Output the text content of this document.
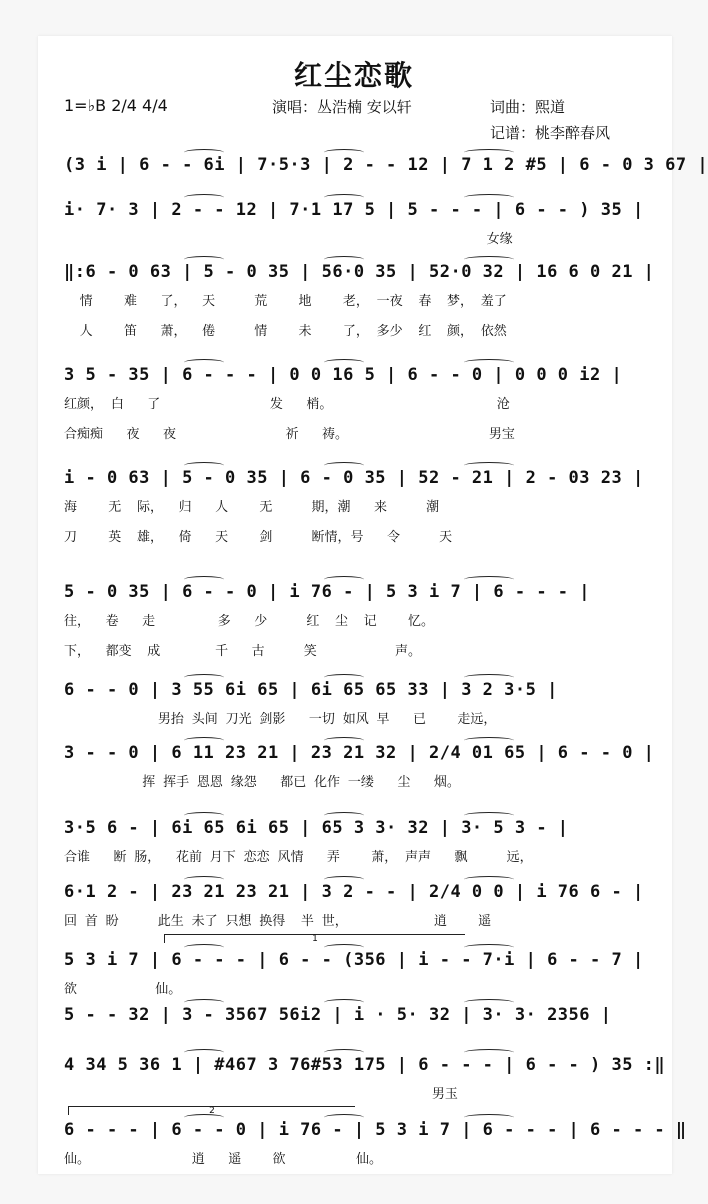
红尘恋歌
1=♭B 2/4 4/4	演唱：丛浩楠 安以轩	词曲：熙道
记谱：桃李醉春风
(3 i | 6 - - 6i | 7·5·3 | 2 - - 12 | 7 1 2 #5 | 6 - 0 3 67 |
i· 7· 3 | 2 - - 12 | 7·1 17 5 | 5 - - - | 6 - - ) 35 |
女缘
‖:6 - 0 63 | 5 - 0 35 | 56·0 35 | 52·0 32 | 16 6 0 21 |
情    难   了，  天     荒    地    老， 一夜  春  梦， 羞了
人    笛   萧，  倦     情    未    了， 多少  红  颜， 依然
3 5 - 35 | 6 - - - | 0 0 16 5 | 6 - - 0 | 0 0 0 i2 |
红颜， 白   了              发   梢。                     沧
合痴痴   夜   夜              祈   祷。                  男宝
i - 0 63 | 5 - 0 35 | 6 - 0 35 | 52 - 21 | 2 - 03 23 |
海    无  际，  归   人    无     期，潮   来     潮
刀    英  雄，  倚   天    剑     断情，号   令     天
5 - 0 35 | 6 - - 0 | i 76 - | 5 3 i 7 | 6 - - - |
往，  卷   走        多   少     红  尘  记    忆。
下，  都变  成       千   古     笑          声。
6 - - 0 | 3 55 6i 65 | 6i 65 65 33 | 3 2 3·5 |
男抬 头间 刀光 剑影   一切 如风 早   已    走远，
3 - - 0 | 6 11 23 21 | 23 21 32 | 2/4 01 65 | 6 - - 0 |
挥 挥手 恩恩 缘怨   都已 化作 一缕   尘   烟。
3·5 6 - | 6i 65 6i 65 | 65 3 3· 32 | 3· 5 3 - |
合谁   断 肠，  花前 月下 恋恋 风情   弄    萧， 声声   飘     远，
6·1 2 - | 23 21 23 21 | 3 2 - - | 2/4 0 0 | i 76 6 - |
回 首 盼     此生 未了 只想 换得  半 世，           逍    遥
5 3 i 7 | 6 - - - | 6 - - (356 | i - - 7·i | 6 - - 7 |
欲          仙。
5 - - 32 | 3 - 3567 56i2 | i · 5· 32 | 3· 3· 2356 |
4 34 5 36 1 | #467 3 76#53 175 | 6 - - - | 6 - - ) 35 :‖
男玉
6 - - - | 6 - - 0 | i 76 - | 5 3 i 7 | 6 - - - | 6 - - - ‖
仙。             逍   遥    欲         仙。
1
2
